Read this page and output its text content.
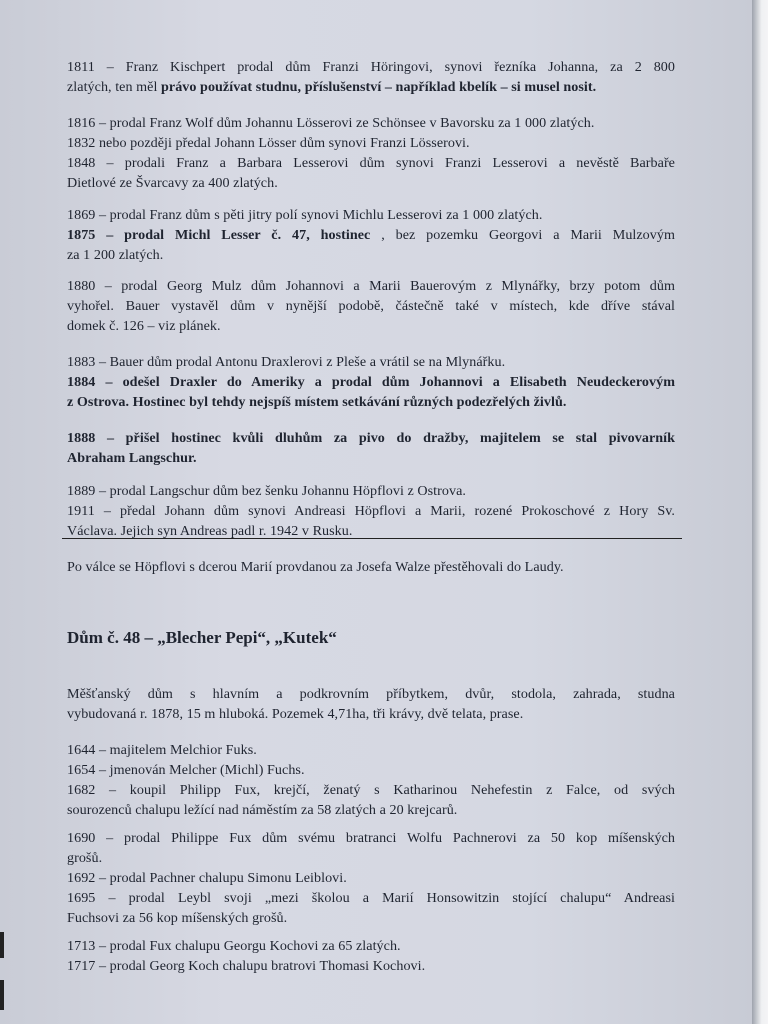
1811 – Franz Kischpert prodal dům Franzi Höringovi, synovi řezníka Johanna, za 2 800
zlatých, ten měl právo používat studnu, příslušenství – například kbelík – si musel nosit.
1816 – prodal Franz Wolf dům Johannu Lösserovi ze Schönsee v Bavorsku za 1 000 zlatých.
1832 nebo později předal Johann Lösser dům synovi Franzi Lösserovi.
1848 – prodali Franz a Barbara Lesserovi dům synovi Franzi Lesserovi a nevěstě Barbaře
Dietlové ze Švarcavy za 400 zlatých.
1869 – prodal Franz dům s pěti jitry polí synovi Michlu Lesserovi za 1 000 zlatých.
1875 – prodal Michl Lesser č. 47, hostinec , bez pozemku Georgovi a Marii Mulzovým
za 1 200 zlatých.
1880 – prodal Georg Mulz dům Johannovi a Marii Bauerovým z Mlynářky, brzy potom dům
vyhořel. Bauer vystavěl dům v nynější podobě, částečně také v místech, kde dříve stával
domek č. 126 – viz plánek.
1883 – Bauer dům prodal Antonu Draxlerovi z Pleše a vrátil se na Mlynářku.
1884 – odešel Draxler do Ameriky a prodal dům Johannovi a Elisabeth Neudeckerovým
z Ostrova. Hostinec byl tehdy nejspíš místem setkávání různých podezřelých živlů.
1888 – přišel hostinec kvůli dluhům za pivo do dražby, majitelem se stal pivovarník
Abraham Langschur.
1889 – prodal Langschur dům bez šenku Johannu Höpflovi z Ostrova.
1911 – předal Johann dům synovi Andreasi Höpflovi a Marii, rozené Prokoschové z Hory Sv.
Václava. Jejich syn Andreas padl r. 1942 v Rusku.
Po válce se Höpflovi s dcerou Marií provdanou za Josefa Walze přestěhovali do Laudy.
Měšťanský dům s hlavním a podkrovním příbytkem, dvůr, stodola, zahrada, studna
vybudovaná r. 1878, 15 m hluboká. Pozemek 4,71ha, tři krávy, dvě telata, prase.
1644 – majitelem Melchior Fuks.
1654 – jmenován Melcher (Michl) Fuchs.
1682 – koupil Philipp Fux, krejčí, ženatý s Katharinou Nehefestin z Falce, od svých
sourozenců chalupu ležící nad náměstím za 58 zlatých a 20 krejcarů.
1690 – prodal Philippe Fux dům svému bratranci Wolfu Pachnerovi za 50 kop míšenských
grošů.
1692 – prodal Pachner chalupu Simonu Leiblovi.
1695 – prodal Leybl svoji „mezi školou a Marií Honsowitzin stojící chalupu“ Andreasi
Fuchsovi za 56 kop míšenských grošů.
1713 – prodal Fux chalupu Georgu Kochovi za 65 zlatých.
1717 – prodal Georg Koch chalupu bratrovi Thomasi Kochovi.
Dům č. 48 – „Blecher Pepi“, „Kutek“
